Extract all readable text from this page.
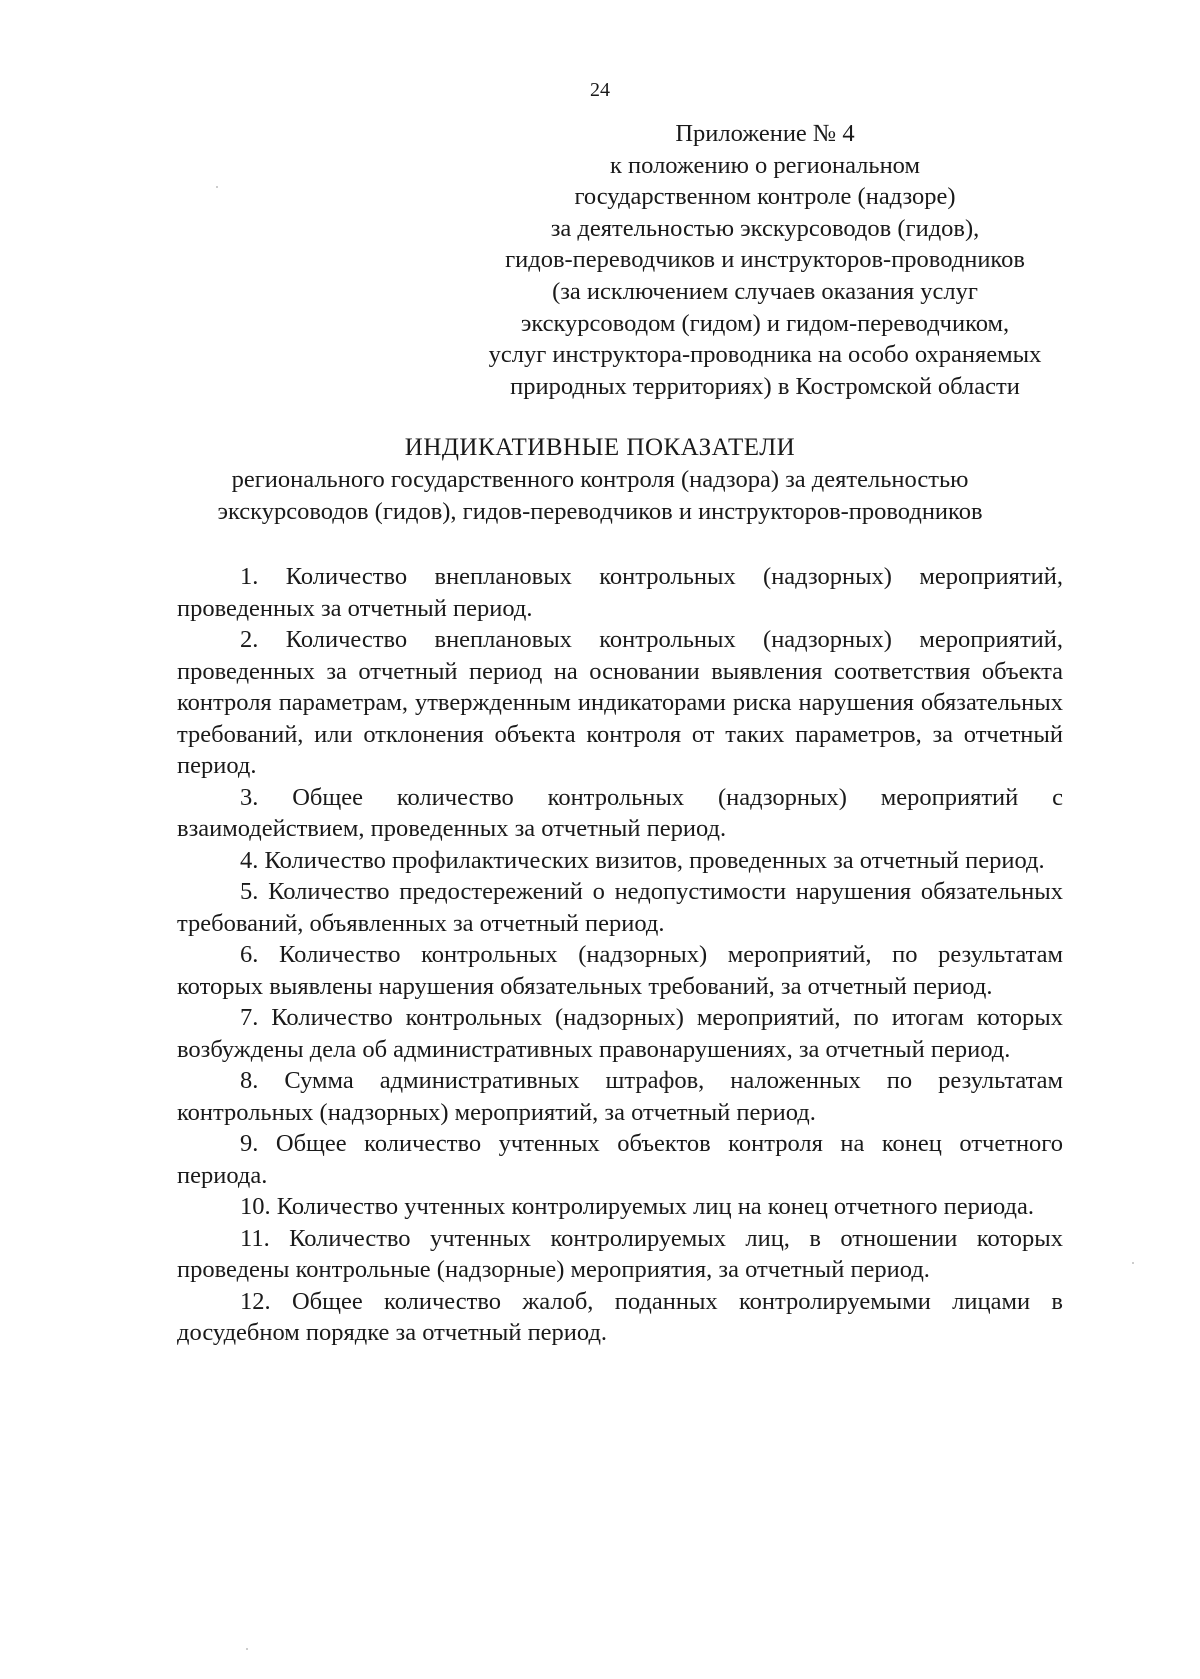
24
Приложение № 4
к положению о региональном
государственном контроле (надзоре)
за деятельностью экскурсоводов (гидов),
гидов-переводчиков и инструкторов-проводников
(за исключением случаев оказания услуг
экскурсоводом (гидом) и гидом-переводчиком,
услуг инструктора-проводника на особо охраняемых
природных территориях) в Костромской области
ИНДИКАТИВНЫЕ ПОКАЗАТЕЛИ
регионального государственного контроля (надзора) за деятельностью
экскурсоводов (гидов), гидов-переводчиков и инструкторов-проводников

1. Количество внеплановых контрольных (надзорных) мероприятий, проведенных за отчетный период.

2. Количество внеплановых контрольных (надзорных) мероприятий, проведенных за отчетный период на основании выявления соответствия объекта контроля параметрам, утвержденным индикаторами риска нарушения обязательных требований, или отклонения объекта контроля от таких параметров, за отчетный период.

3. Общее количество контрольных (надзорных) мероприятий с взаимодействием, проведенных за отчетный период.

4. Количество профилактических визитов, проведенных за отчетный период.

5. Количество предостережений о недопустимости нарушения обязательных требований, объявленных за отчетный период.

6. Количество контрольных (надзорных) мероприятий, по результатам которых выявлены нарушения обязательных требований, за отчетный период.

7. Количество контрольных (надзорных) мероприятий, по итогам которых возбуждены дела об административных правонарушениях, за отчетный период.

8. Сумма административных штрафов, наложенных по результатам контрольных (надзорных) мероприятий, за отчетный период.

9. Общее количество учтенных объектов контроля на конец отчетного периода.

10. Количество учтенных контролируемых лиц на конец отчетного периода.

11. Количество учтенных контролируемых лиц, в отношении которых проведены контрольные (надзорные) мероприятия, за отчетный период.

12. Общее количество жалоб, поданных контролируемыми лицами в досудебном порядке за отчетный период.
